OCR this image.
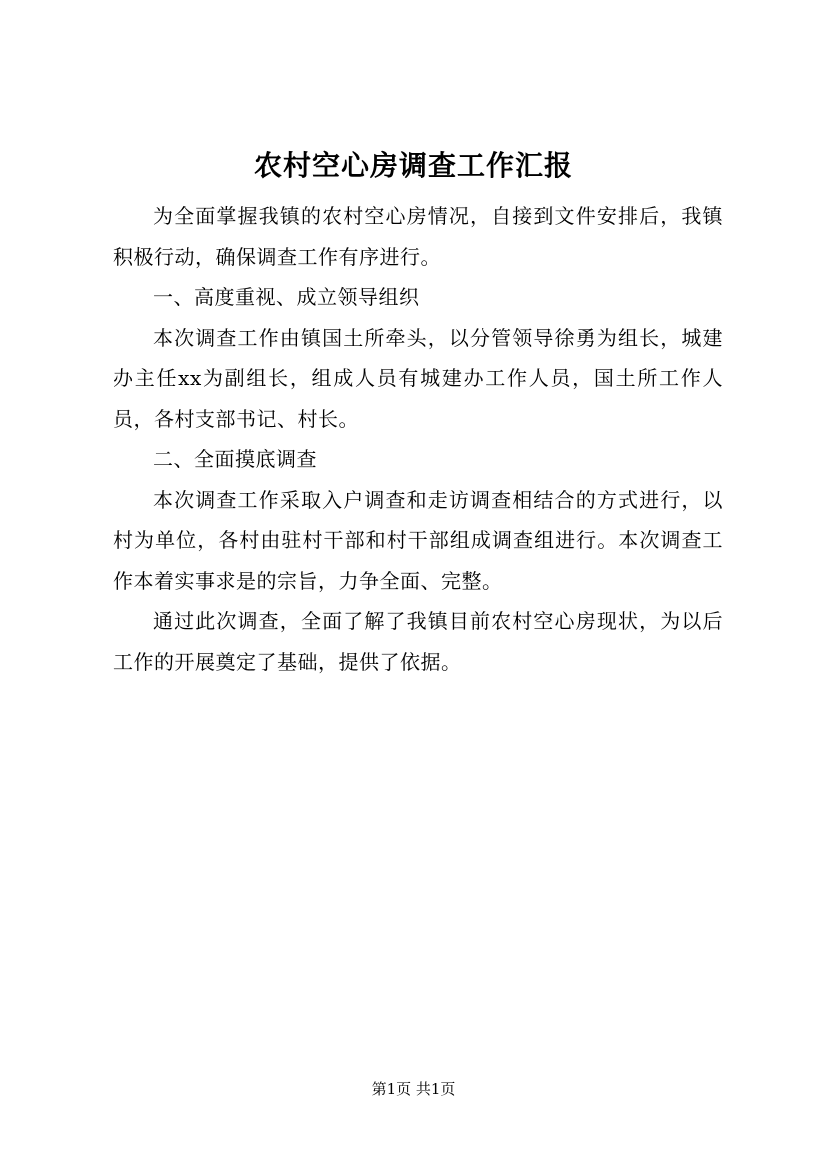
农村空心房调查工作汇报

为全面掌握我镇的农村空心房情况，自接到文件安排后，我镇积极行动，确保调查工作有序进行。

一、高度重视、成立领导组织

本次调查工作由镇国土所牵头，以分管领导徐勇为组长，城建办主任xx为副组长，组成人员有城建办工作人员，国土所工作人员，各村支部书记、村长。

二、全面摸底调查

本次调查工作采取入户调查和走访调查相结合的方式进行，以村为单位，各村由驻村干部和村干部组成调查组进行。本次调查工作本着实事求是的宗旨，力争全面、完整。

通过此次调查，全面了解了我镇目前农村空心房现状，为以后工作的开展奠定了基础，提供了依据。

第1页 共1页
